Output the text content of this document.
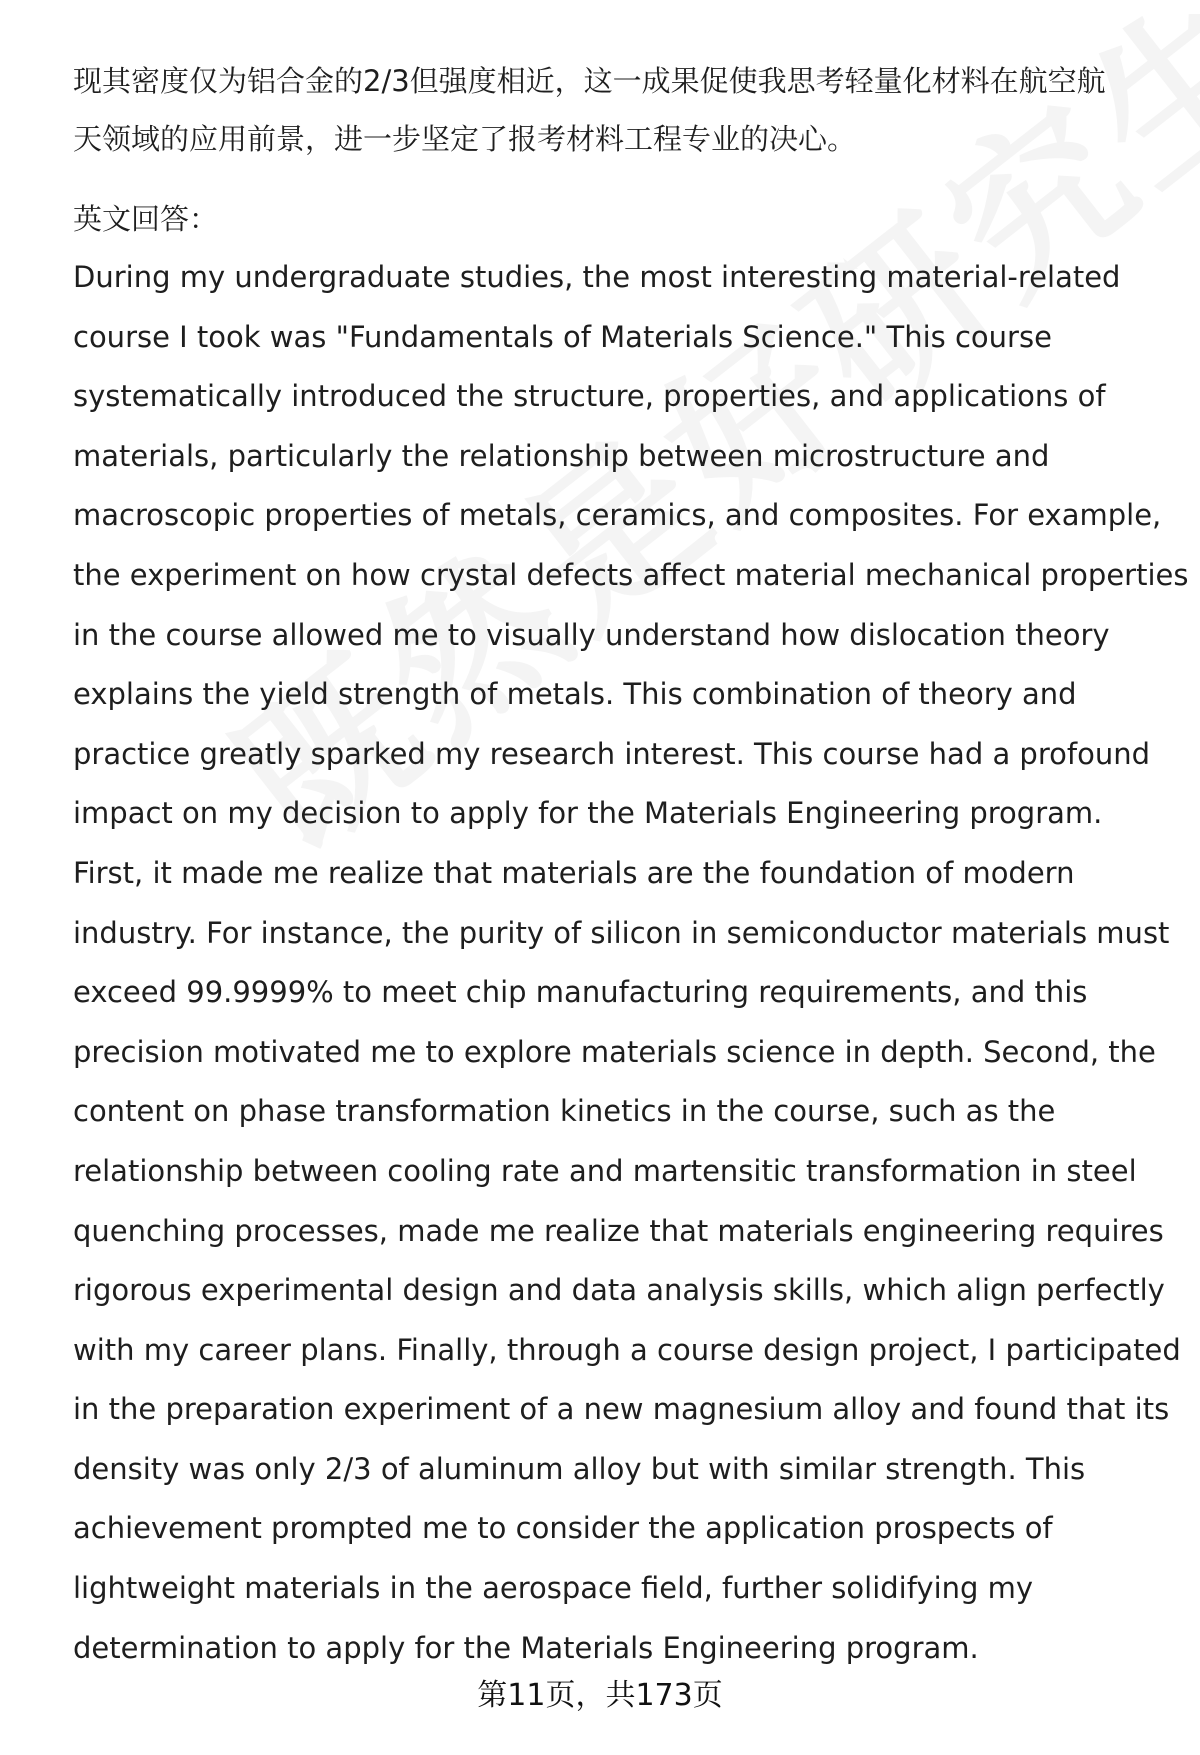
现其密度仅为铝合金的2/3但强度相近，这一成果促使我思考轻量化材料在航空航
天领域的应用前景，进一步坚定了报考材料工程专业的决心。
英文回答：
During my undergraduate studies, the most interesting material-related
course I took was "Fundamentals of Materials Science." This course
systematically introduced the structure, properties, and applications of
materials, particularly the relationship between microstructure and
macroscopic properties of metals, ceramics, and composites. For example,
the experiment on how crystal defects affect material mechanical properties
in the course allowed me to visually understand how dislocation theory
explains the yield strength of metals. This combination of theory and
practice greatly sparked my research interest. This course had a profound
impact on my decision to apply for the Materials Engineering program.
First, it made me realize that materials are the foundation of modern
industry. For instance, the purity of silicon in semiconductor materials must
exceed 99.9999% to meet chip manufacturing requirements, and this
precision motivated me to explore materials science in depth. Second, the
content on phase transformation kinetics in the course, such as the
relationship between cooling rate and martensitic transformation in steel
quenching processes, made me realize that materials engineering requires
rigorous experimental design and data analysis skills, which align perfectly
with my career plans. Finally, through a course design project, I participated
in the preparation experiment of a new magnesium alloy and found that its
density was only 2/3 of aluminum alloy but with similar strength. This
achievement prompted me to consider the application prospects of
lightweight materials in the aerospace field, further solidifying my
determination to apply for the Materials Engineering program.
第11页，共173页
